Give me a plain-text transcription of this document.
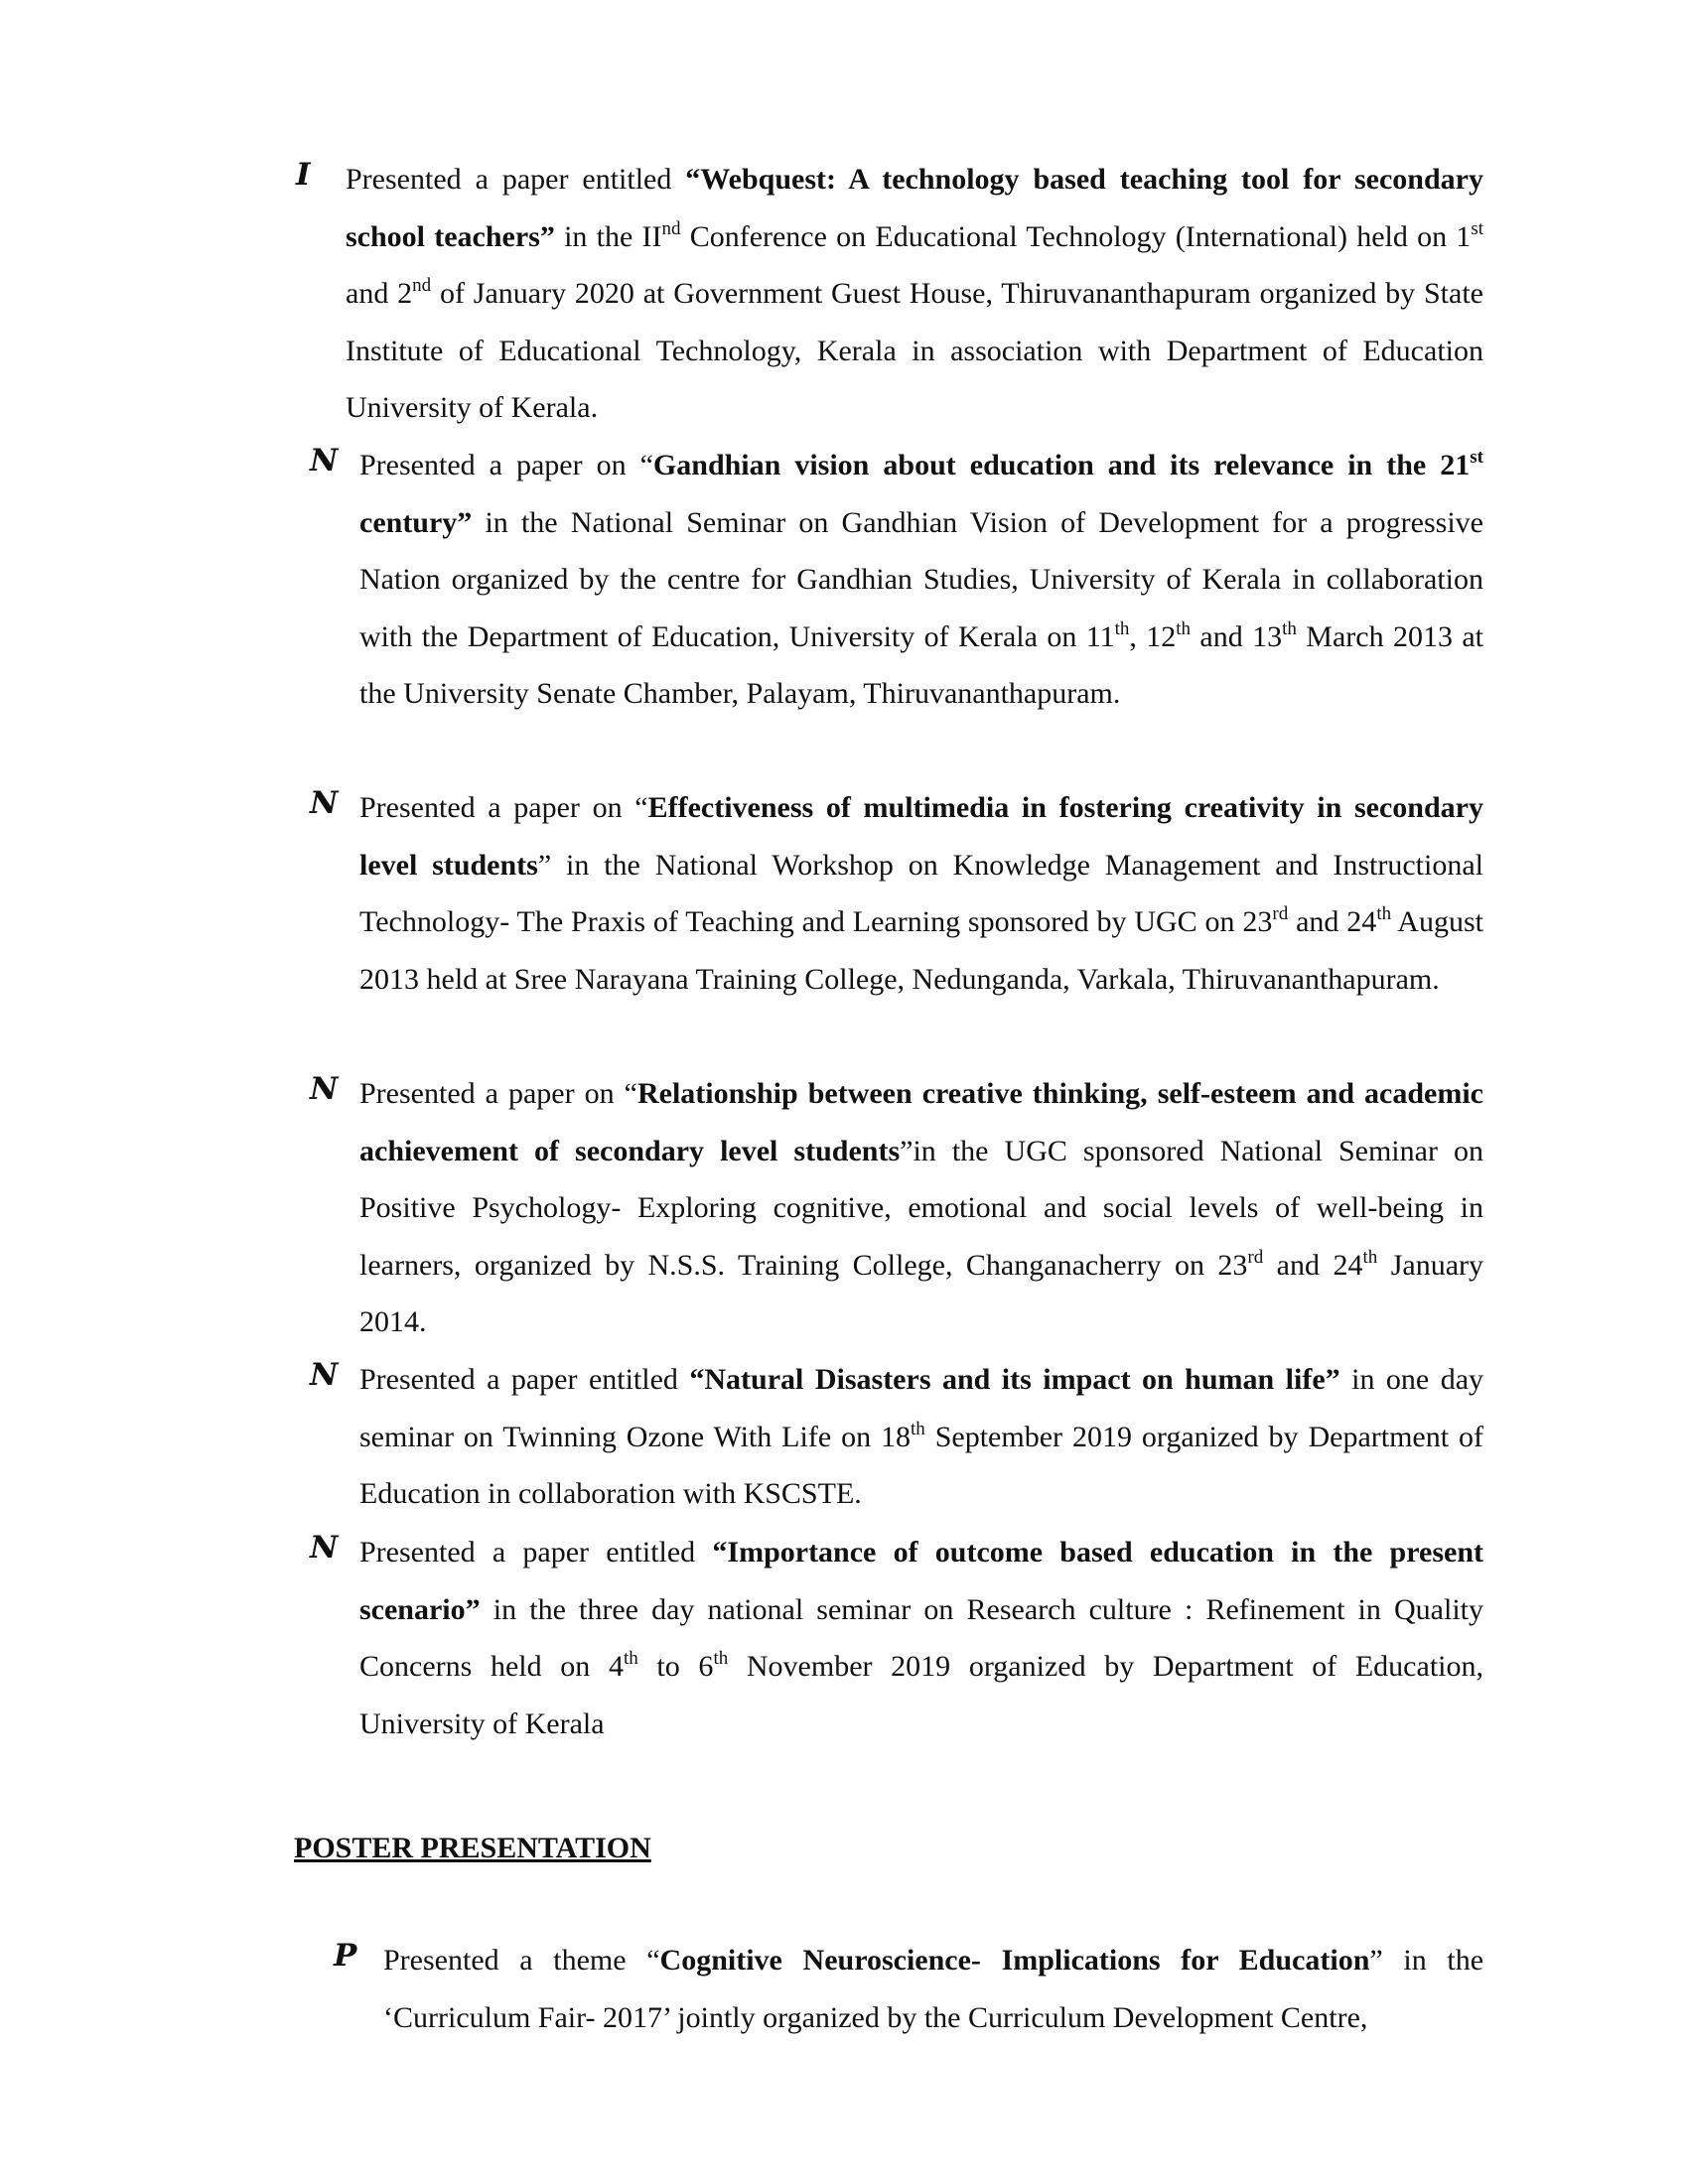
I Presented a paper entitled “Webquest: A technology based teaching tool for secondary school teachers” in the IInd Conference on Educational Technology (International) held on 1st and 2nd of January 2020 at Government Guest House, Thiruvananthapuram organized by State Institute of Educational Technology, Kerala in association with Department of Education University of Kerala.
N Presented a paper on “Gandhian vision about education and its relevance in the 21st century” in the National Seminar on Gandhian Vision of Development for a progressive Nation organized by the centre for Gandhian Studies, University of Kerala in collaboration with the Department of Education, University of Kerala on 11th, 12th and 13th March 2013 at the University Senate Chamber, Palayam, Thiruvananthapuram.
N Presented a paper on “Effectiveness of multimedia in fostering creativity in secondary level students” in the National Workshop on Knowledge Management and Instructional Technology- The Praxis of Teaching and Learning sponsored by UGC on 23rd and 24th August 2013 held at Sree Narayana Training College, Nedunganda, Varkala, Thiruvananthapuram.
N Presented a paper on “Relationship between creative thinking, self-esteem and academic achievement of secondary level students”in the UGC sponsored National Seminar on Positive Psychology- Exploring cognitive, emotional and social levels of well-being in learners, organized by N.S.S. Training College, Changanacherry on 23rd and 24th January 2014.
N Presented a paper entitled “Natural Disasters and its impact on human life” in one day seminar on Twinning Ozone With Life on 18th September 2019 organized by Department of Education in collaboration with KSCSTE.
N Presented a paper entitled “Importance of outcome based education in the present scenario” in the three day national seminar on Research culture : Refinement in Quality Concerns held on 4th to 6th November 2019 organized by Department of Education, University of Kerala
POSTER PRESENTATION
P Presented a theme “Cognitive Neuroscience- Implications for Education” in the ‘Curriculum Fair- 2017’ jointly organized by the Curriculum Development Centre,
